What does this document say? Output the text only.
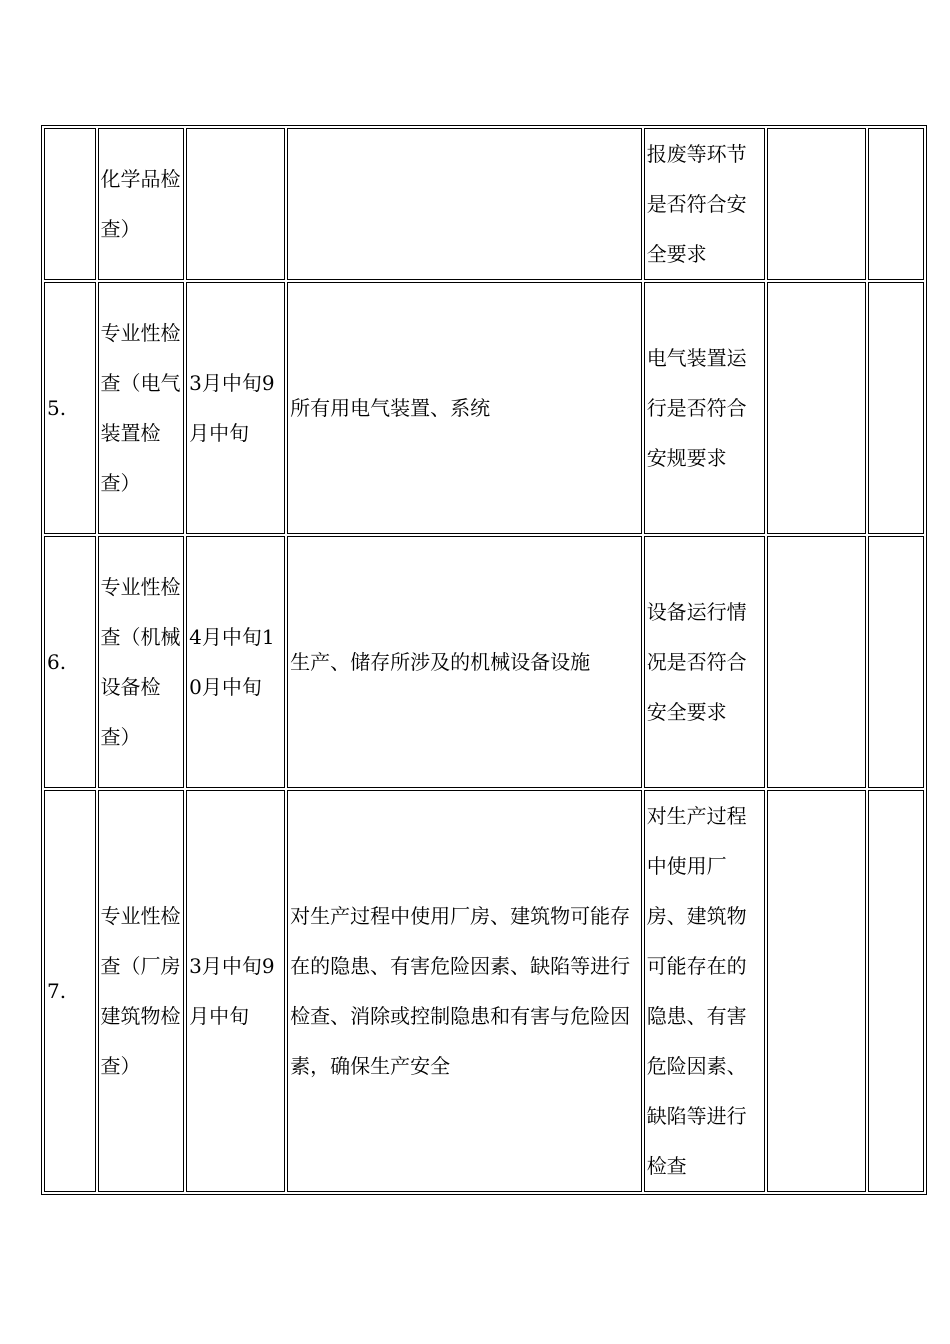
	化学品检查）			报废等环节是否符合安全要求		

5.	专业性检查（电气装置检查）	3月中旬9月中旬	所有用电气装置、系统	电气装置运行是否符合安规要求		

6.	专业性检查（机械设备检查）	4月中旬10月中旬	生产、储存所涉及的机械设备设施	设备运行情况是否符合安全要求		

7.	专业性检查（厂房建筑物检查）	3月中旬9月中旬	对生产过程中使用厂房、建筑物可能存在的隐患、有害危险因素、缺陷等进行检查、消除或控制隐患和有害与危险因素，确保生产安全	对生产过程中使用厂房、建筑物可能存在的隐患、有害危险因素、缺陷等进行检查		
